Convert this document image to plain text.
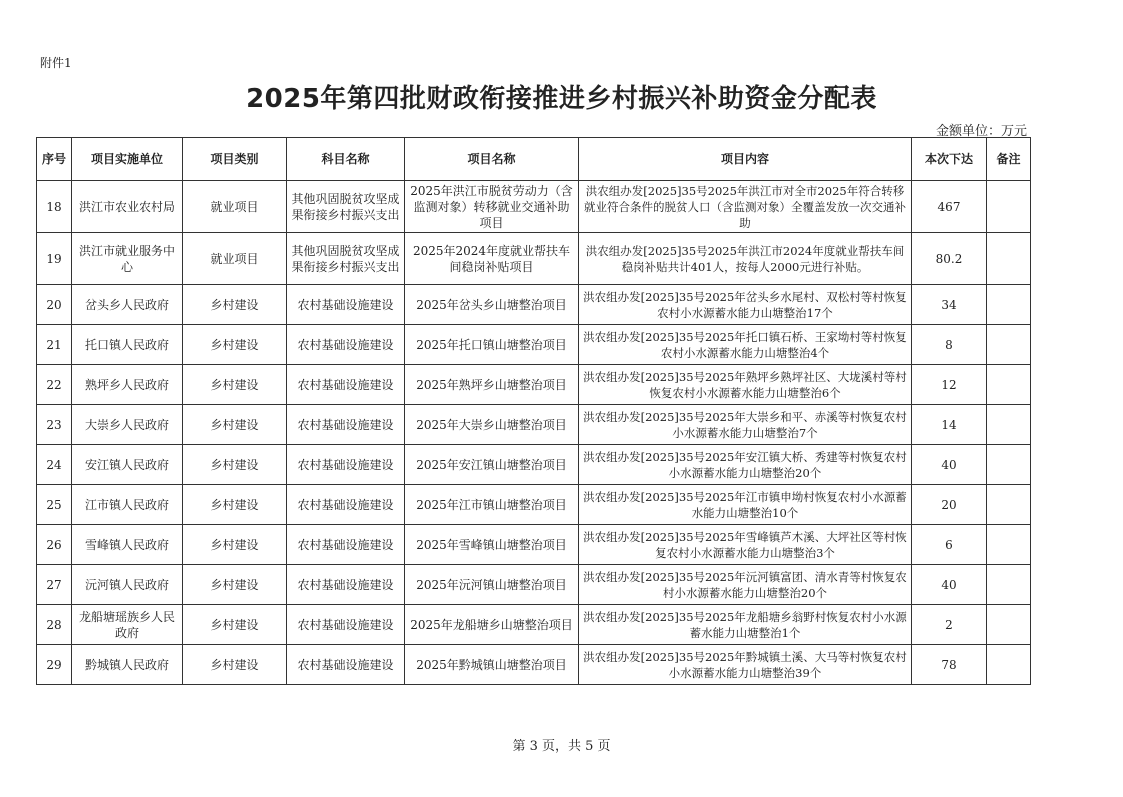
附件1
2025年第四批财政衔接推进乡村振兴补助资金分配表
金额单位：万元
序号	项目实施单位	项目类别	科目名称	项目名称	项目内容	本次下达	备注
18	洪江市农业农村局	就业项目	其他巩固脱贫攻坚成果衔接乡村振兴支出	2025年洪江市脱贫劳动力（含监测对象）转移就业交通补助项目	洪农组办发[2025]35号2025年洪江市对全市2025年符合转移就业符合条件的脱贫人口（含监测对象）全覆盖发放一次交通补助	467	
19	洪江市就业服务中心	就业项目	其他巩固脱贫攻坚成果衔接乡村振兴支出	2025年2024年度就业帮扶车间稳岗补贴项目	洪农组办发[2025]35号2025年洪江市2024年度就业帮扶车间稳岗补贴共计401人，按每人2000元进行补贴。	80.2	
20	岔头乡人民政府	乡村建设	农村基础设施建设	2025年岔头乡山塘整治项目	洪农组办发[2025]35号2025年岔头乡水尾村、双松村等村恢复农村小水源蓄水能力山塘整治17个	34	
21	托口镇人民政府	乡村建设	农村基础设施建设	2025年托口镇山塘整治项目	洪农组办发[2025]35号2025年托口镇石桥、王家坳村等村恢复农村小水源蓄水能力山塘整治4个	8	
22	熟坪乡人民政府	乡村建设	农村基础设施建设	2025年熟坪乡山塘整治项目	洪农组办发[2025]35号2025年熟坪乡熟坪社区、大垅溪村等村恢复农村小水源蓄水能力山塘整治6个	12	
23	大崇乡人民政府	乡村建设	农村基础设施建设	2025年大崇乡山塘整治项目	洪农组办发[2025]35号2025年大崇乡和平、赤溪等村恢复农村小水源蓄水能力山塘整治7个	14	
24	安江镇人民政府	乡村建设	农村基础设施建设	2025年安江镇山塘整治项目	洪农组办发[2025]35号2025年安江镇大桥、秀建等村恢复农村小水源蓄水能力山塘整治20个	40	
25	江市镇人民政府	乡村建设	农村基础设施建设	2025年江市镇山塘整治项目	洪农组办发[2025]35号2025年江市镇申坳村恢复农村小水源蓄水能力山塘整治10个	20	
26	雪峰镇人民政府	乡村建设	农村基础设施建设	2025年雪峰镇山塘整治项目	洪农组办发[2025]35号2025年雪峰镇芦木溪、大坪社区等村恢复农村小水源蓄水能力山塘整治3个	6	
27	沅河镇人民政府	乡村建设	农村基础设施建设	2025年沅河镇山塘整治项目	洪农组办发[2025]35号2025年沅河镇富团、清水青等村恢复农村小水源蓄水能力山塘整治20个	40	
28	龙船塘瑶族乡人民政府	乡村建设	农村基础设施建设	2025年龙船塘乡山塘整治项目	洪农组办发[2025]35号2025年龙船塘乡翁野村恢复农村小水源蓄水能力山塘整治1个	2	
29	黔城镇人民政府	乡村建设	农村基础设施建设	2025年黔城镇山塘整治项目	洪农组办发[2025]35号2025年黔城镇土溪、大马等村恢复农村小水源蓄水能力山塘整治39个	78	
第 3 页，共 5 页
